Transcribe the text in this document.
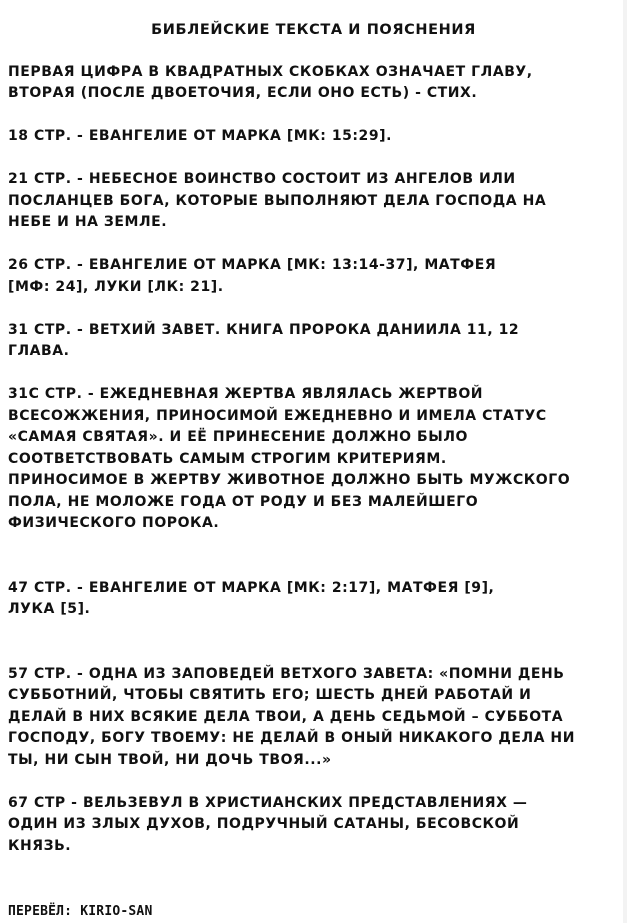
БИБЛЕЙСКИЕ ТЕКСТА И ПОЯСНЕНИЯ

ПЕРВАЯ ЦИФРА В КВАДРАТНЫХ СКОБКАХ ОЗНАЧАЕТ ГЛАВУ,
ВТОРАЯ (ПОСЛЕ ДВОЕТОЧИЯ, ЕСЛИ ОНО ЕСТЬ) - СТИХ.

18 СТР. - ЕВАНГЕЛИЕ ОТ МАРКА [МК: 15:29].

21 СТР. - НЕБЕСНОЕ ВОИНСТВО СОСТОИТ ИЗ АНГЕЛОВ ИЛИ
ПОСЛАНЦЕВ БОГА, КОТОРЫЕ ВЫПОЛНЯЮТ ДЕЛА ГОСПОДА НА
НЕБЕ И НА ЗЕМЛЕ.

26 СТР. - ЕВАНГЕЛИЕ ОТ МАРКА [МК: 13:14-37], МАТФЕЯ
[МФ: 24], ЛУКИ [ЛК: 21].

31 СТР. - ВЕТХИЙ ЗАВЕТ. КНИГА ПРОРОКА ДАНИИЛА 11, 12
ГЛАВА.

31С СТР. - ЕЖЕДНЕВНАЯ ЖЕРТВА ЯВЛЯЛАСЬ ЖЕРТВОЙ
ВСЕСОЖЖЕНИЯ, ПРИНОСИМОЙ ЕЖЕДНЕВНО И ИМЕЛА СТАТУС
«САМАЯ СВЯТАЯ». И ЕЁ ПРИНЕСЕНИЕ ДОЛЖНО БЫЛО
СООТВЕТСТВОВАТЬ САМЫМ СТРОГИМ КРИТЕРИЯМ.
ПРИНОСИМОЕ В ЖЕРТВУ ЖИВОТНОЕ ДОЛЖНО БЫТЬ МУЖСКОГО
ПОЛА, НЕ МОЛОЖЕ ГОДА ОТ РОДУ И БЕЗ МАЛЕЙШЕГО
ФИЗИЧЕСКОГО ПОРОКА.

47 СТР. - ЕВАНГЕЛИЕ ОТ МАРКА [МК: 2:17], МАТФЕЯ [9],
ЛУКА [5].

57 СТР. - ОДНА ИЗ ЗАПОВЕДЕЙ ВЕТХОГО ЗАВЕТА: «ПОМНИ ДЕНЬ
СУББОТНИЙ, ЧТОБЫ СВЯТИТЬ ЕГО; ШЕСТЬ ДНЕЙ РАБОТАЙ И
ДЕЛАЙ В НИХ ВСЯКИЕ ДЕЛА ТВОИ, А ДЕНЬ СЕДЬМОЙ – СУББОТА
ГОСПОДУ, БОГУ ТВОЕМУ: НЕ ДЕЛАЙ В ОНЫЙ НИКАКОГО ДЕЛА НИ
ТЫ, НИ СЫН ТВОЙ, НИ ДОЧЬ ТВОЯ...»

67 СТР - ВЕЛЬЗЕВУЛ В ХРИСТИАНСКИХ ПРЕДСТАВЛЕНИЯХ —
ОДИН ИЗ ЗЛЫХ ДУХОВ, ПОДРУЧНЫЙ САТАНЫ, БЕСОВСКОЙ
КНЯЗЬ.

ПЕРЕВЁЛ: KIRIO-SAN
